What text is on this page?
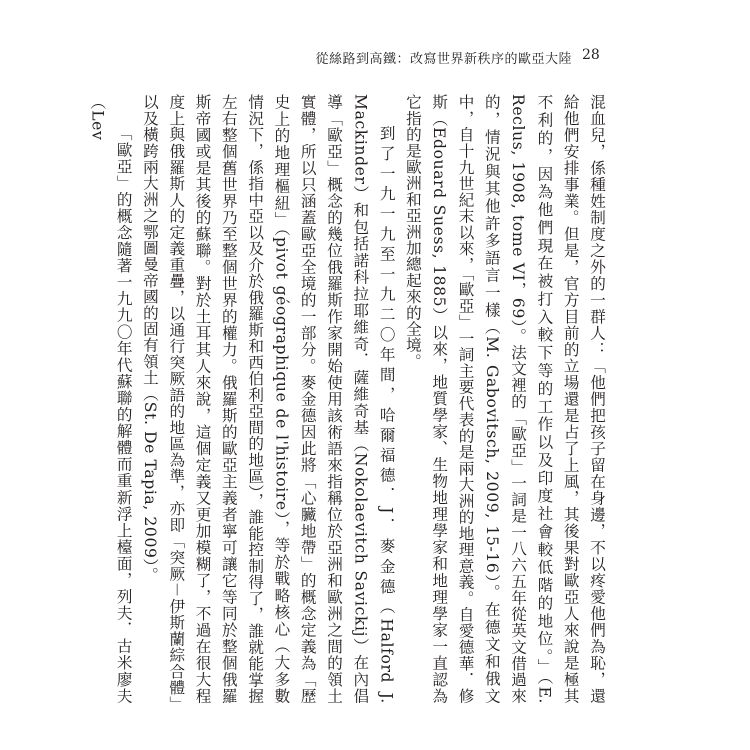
從絲路到高鐵：改寫世界新秩序的歐亞大陸 28

混血兒，係種姓制度之外的一群人：「他們把孩子留在身邊，不以疼愛他們為恥，還給他們安排事業。但是，官方目前的立場還是占了上風，其後果對歐亞人來說是極其不利的，因為他們現在被打入較下等的工作以及印度社會較低階的地位。」（E. Reclus, 1908, tome VI，69）。法文裡的「歐亞」一詞是一八六五年從英文借過來的，情況與其他許多語言一樣（M. Gabovitsch, 2009, 15-16）。在德文和俄文中，自十九世紀末以來，「歐亞」一詞主要代表的是兩大洲的地理意義。自愛德華．修斯（Edouard Suess, 1885）以來，地質學家、生物地理學家和地理學家一直認為它指的是歐洲和亞洲加總起來的全境。

到了一九一九至一九二〇年間，哈爾福德．J．麥金德（Halford J. Mackinder）和包括諾科拉耶維奇．薩維奇基（Nokolaevitch Savickij）在內倡導「歐亞」概念的幾位俄羅斯作家開始使用該術語來指稱位於亞洲和歐洲之間的領土實體，所以只涵蓋歐亞全境的一部分。麥金德因此將「心臟地帶」的概念定義為「歷史上的地理樞紐」（pivot géographique de l'histoire），等於戰略核心（大多數情況下，係指中亞以及介於俄羅斯和西伯利亞間的地區），誰能控制得了，誰就能掌握左右整個舊世界乃至整個世界的權力。俄羅斯的歐亞主義者寧可讓它等同於整個俄羅斯帝國或是其後的蘇聯。對於土耳其人來說，這個定義又更加模糊了，不過在很大程度上與俄羅斯人的定義重疊，以通行突厥語的地區為準，亦即「突厥－伊斯蘭綜合體」以及橫跨兩大洲之鄂圖曼帝國的固有領土（St. De Tapia, 2009）。

「歐亞」的概念隨著一九九〇年代蘇聯的解體而重新浮上檯面，列夫．古米廖夫（Lev
